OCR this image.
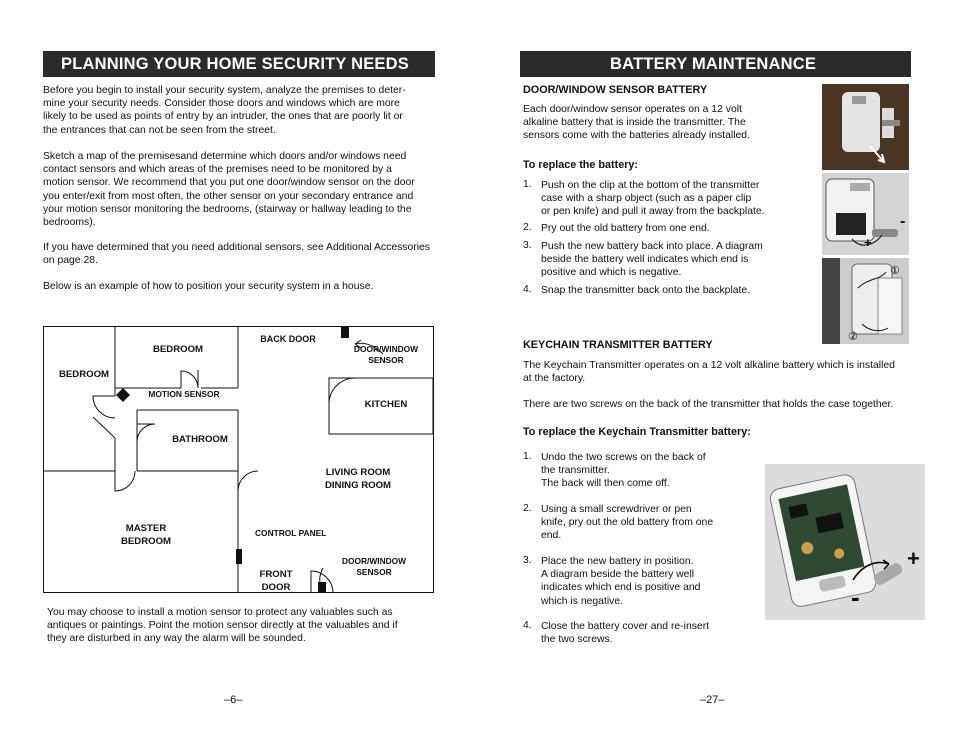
PLANNING YOUR HOME SECURITY NEEDS

Before you begin to install your security system, analyze the premises to deter-
mine your security needs. Consider those doors and windows which are more
likely to be used as points of entry by an intruder, the ones that are poorly lit or
the entrances that can not be seen from the street.

Sketch a map of the premisesand determine which doors and/or windows need
contact sensors and which areas of the premises need to be monitored by a
motion sensor. We recommend that you put one door/window sensor on the door
you enter/exit from most often, the other sensor on your secondary entrance and
your motion sensor monitoring the bedrooms, (stairway or hallway leading to the
bedrooms).

If you have determined that you need additional sensors, see Additional Accessories
on page 28.

Below is an example of how to position your security system in a house.

BEDROOM
BEDROOM
MOTION SENSOR
BATHROOM
BACK DOOR
DOOR/WINDOW
SENSOR
KITCHEN
LIVING ROOM
DINING ROOM
MASTER
BEDROOM
CONTROL PANEL
FRONT
DOOR
DOOR/WINDOW
SENSOR

You may choose to install a motion sensor to protect any valuables such as
antiques or paintings. Point the motion sensor directly at the valuables and if
they are disturbed in any way the alarm will be sounded.

–6–
BATTERY MAINTENANCE

DOOR/WINDOW SENSOR BATTERY

Each door/window sensor operates on a 12 volt
alkaline battery that is inside the transmitter. The
sensors come with the batteries already installed.

To replace the battery:

1. Push on the clip at the bottom of the transmitter
case with a sharp object (such as a paper clip
or pen knife) and pull it away from the backplate.
2. Pry out the old battery from one end.
3. Push the new battery back into place. A diagram
beside the battery well indicates which end is
positive and which is negative.
4. Snap the transmitter back onto the backplate.
+
-
①
②

KEYCHAIN TRANSMITTER BATTERY

The Keychain Transmitter operates on a 12 volt alkaline battery which is installed
at the factory.

There are two screws on the back of the transmitter that holds the case together.

To replace the Keychain Transmitter battery:

1. Undo the two screws on the back of
the transmitter.
The back will then come off.
2. Using a small screwdriver or pen
knife, pry out the old battery from one
end.
3. Place the new battery in position.
A diagram beside the battery well
indicates which end is positive and
which is negative.
4. Close the battery cover and re-insert
the two screws.
+
-
–27–
